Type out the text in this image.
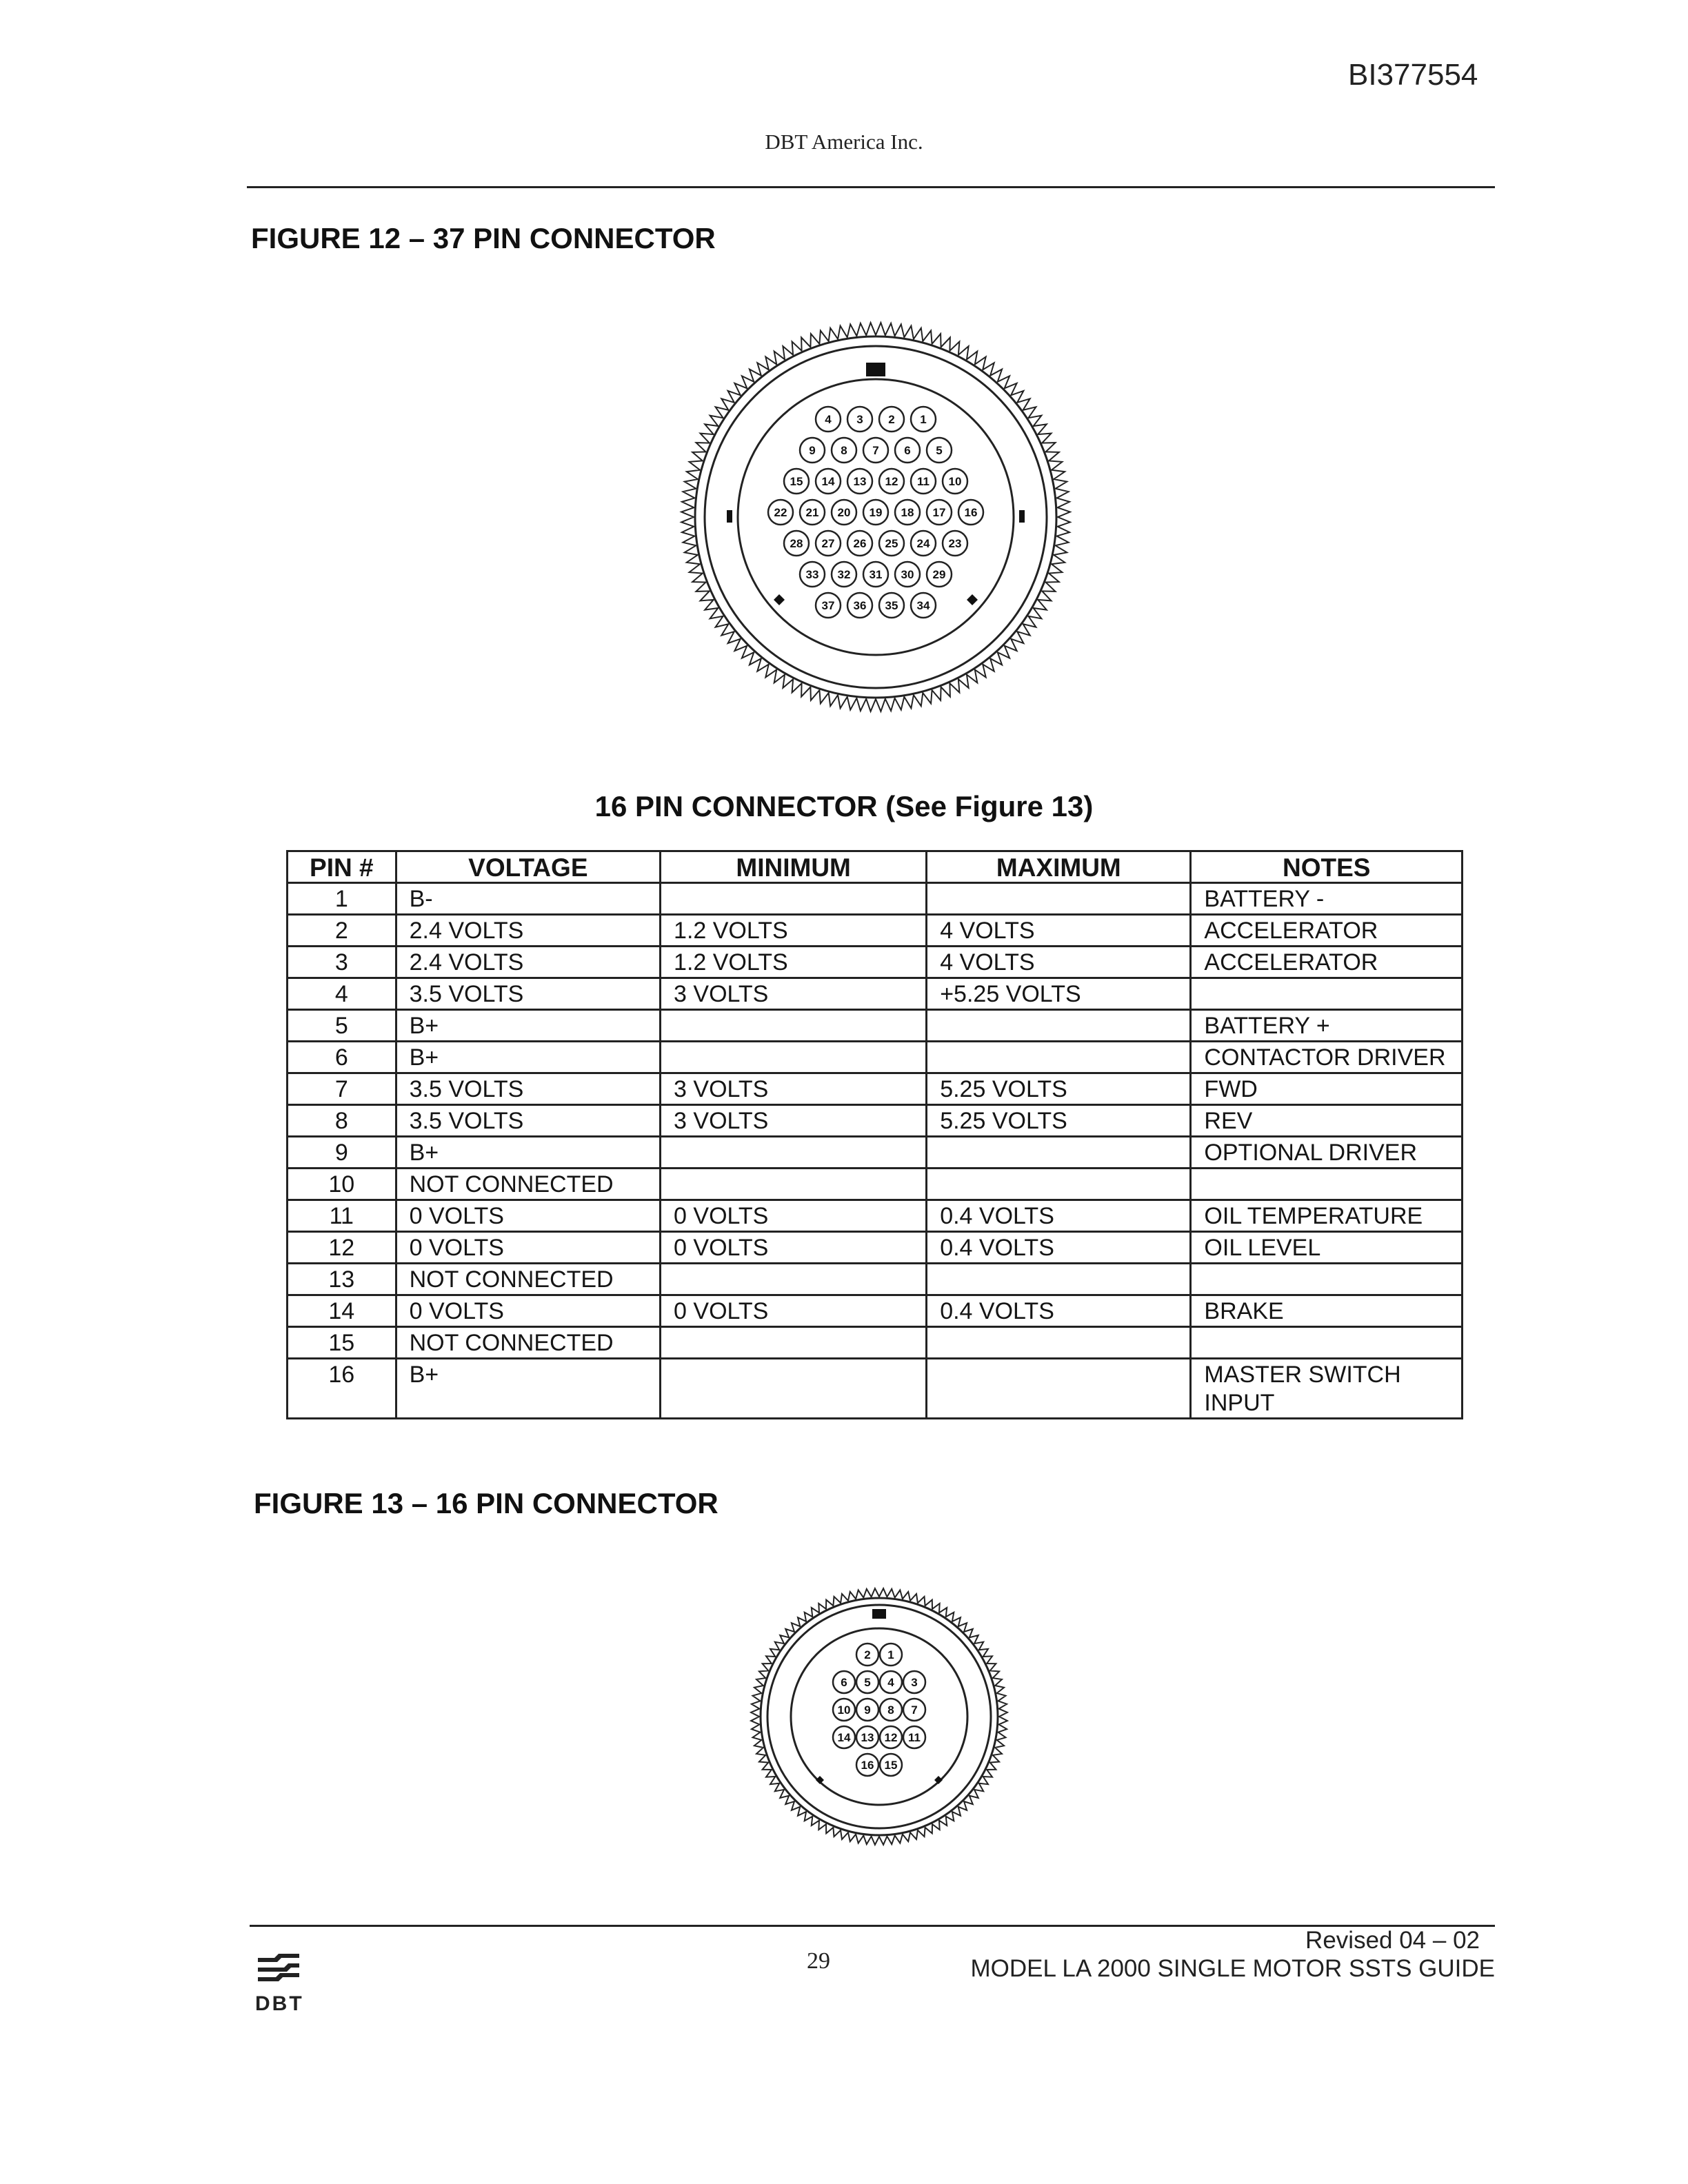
BI377554
DBT America Inc.
FIGURE 12 – 37 PIN CONNECTOR
4 3 2 1
9 8 7 6 5
15 14 13 12 11 10
22 21 20 19 18 17 16
28 27 26 25 24 23
33 32 31 30 29
37 36 35 34
16 PIN CONNECTOR (See Figure 13)
PIN #	VOLTAGE	MINIMUM	MAXIMUM	NOTES
1	B-			BATTERY -
2	2.4 VOLTS	1.2 VOLTS	4 VOLTS	ACCELERATOR
3	2.4 VOLTS	1.2 VOLTS	4 VOLTS	ACCELERATOR
4	3.5 VOLTS	3 VOLTS	+5.25 VOLTS	
5	B+			BATTERY +
6	B+			CONTACTOR DRIVER
7	3.5 VOLTS	3 VOLTS	5.25 VOLTS	FWD
8	3.5 VOLTS	3 VOLTS	5.25 VOLTS	REV
9	B+			OPTIONAL DRIVER
10	NOT CONNECTED			
11	0 VOLTS	0 VOLTS	0.4 VOLTS	OIL TEMPERATURE
12	0 VOLTS	0 VOLTS	0.4 VOLTS	OIL LEVEL
13	NOT CONNECTED			
14	0 VOLTS	0 VOLTS	0.4 VOLTS	BRAKE
15	NOT CONNECTED			
16	B+			MASTER SWITCH INPUT
FIGURE 13 – 16 PIN CONNECTOR
2 1
6 5 4 3
10 9 8 7
14 13 12 11
16 15
DBT
29
Revised 04 – 02
MODEL LA 2000 SINGLE MOTOR SSTS GUIDE
